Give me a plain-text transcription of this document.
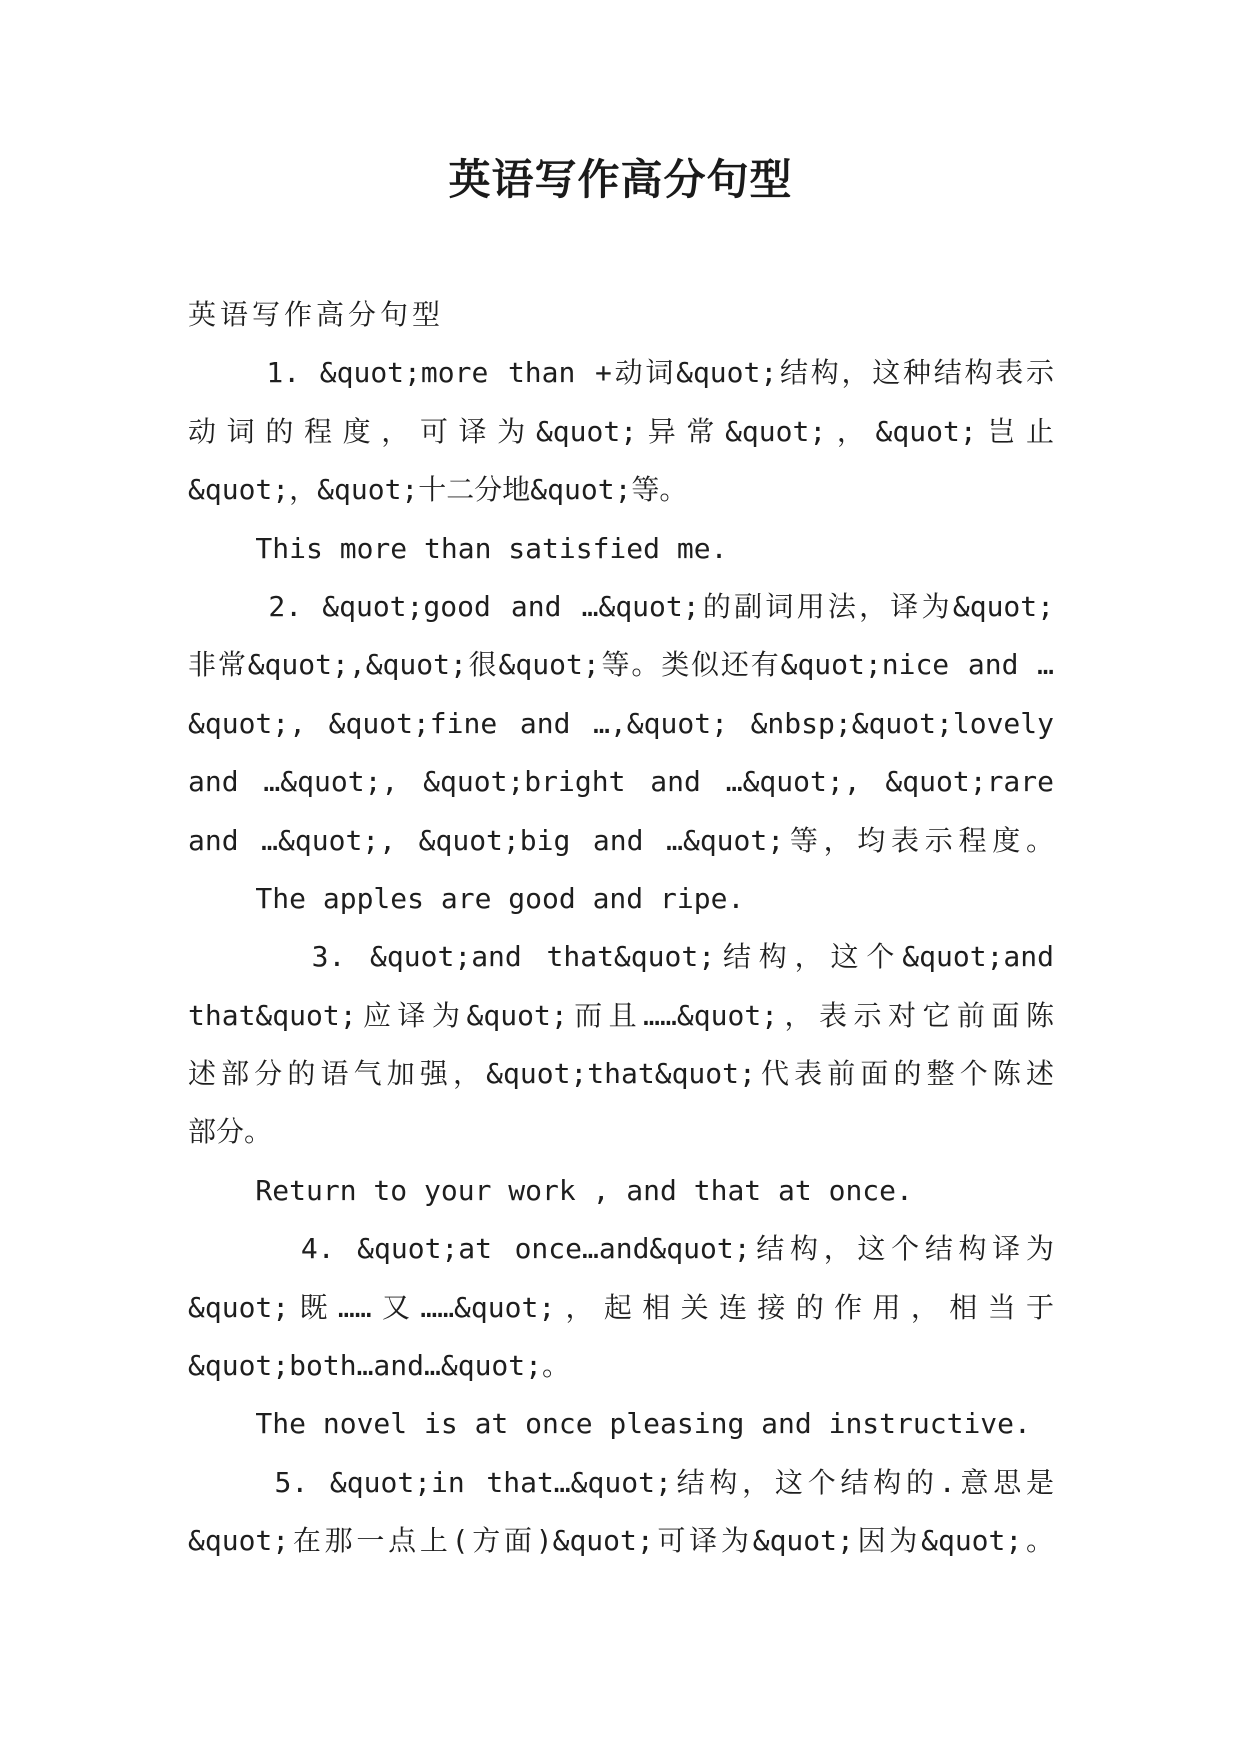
英语写作高分句型
英语写作高分句型
1. &quot;more than +动词&quot;结构，这种结构表示
动词的程度，可译为&quot;异常&quot;，&quot;岂止
&quot;，&quot;十二分地&quot;等。
This more than satisfied me.
2. &quot;good and …&quot;的副词用法，译为&quot;
非常&quot;,&quot;很&quot;等。类似还有&quot;nice and …
&quot;, &quot;fine and …,&quot; &nbsp;&quot;lovely
and …&quot;, &quot;bright and …&quot;, &quot;rare
and …&quot;, &quot;big and …&quot;等，均表示程度。
The apples are good and ripe.
3. &quot;and that&quot;结构，这个&quot;and
that&quot;应译为&quot;而且……&quot;，表示对它前面陈
述部分的语气加强，&quot;that&quot;代表前面的整个陈述
部分。
Return to your work , and that at once.
4. &quot;at once…and&quot;结构，这个结构译为
&quot;既……又……&quot;，起相关连接的作用，相当于
&quot;both…and…&quot;。
The novel is at once pleasing and instructive.
5. &quot;in that…&quot;结构，这个结构的.意思是
&quot;在那一点上(方面)&quot;可译为&quot;因为&quot;。
